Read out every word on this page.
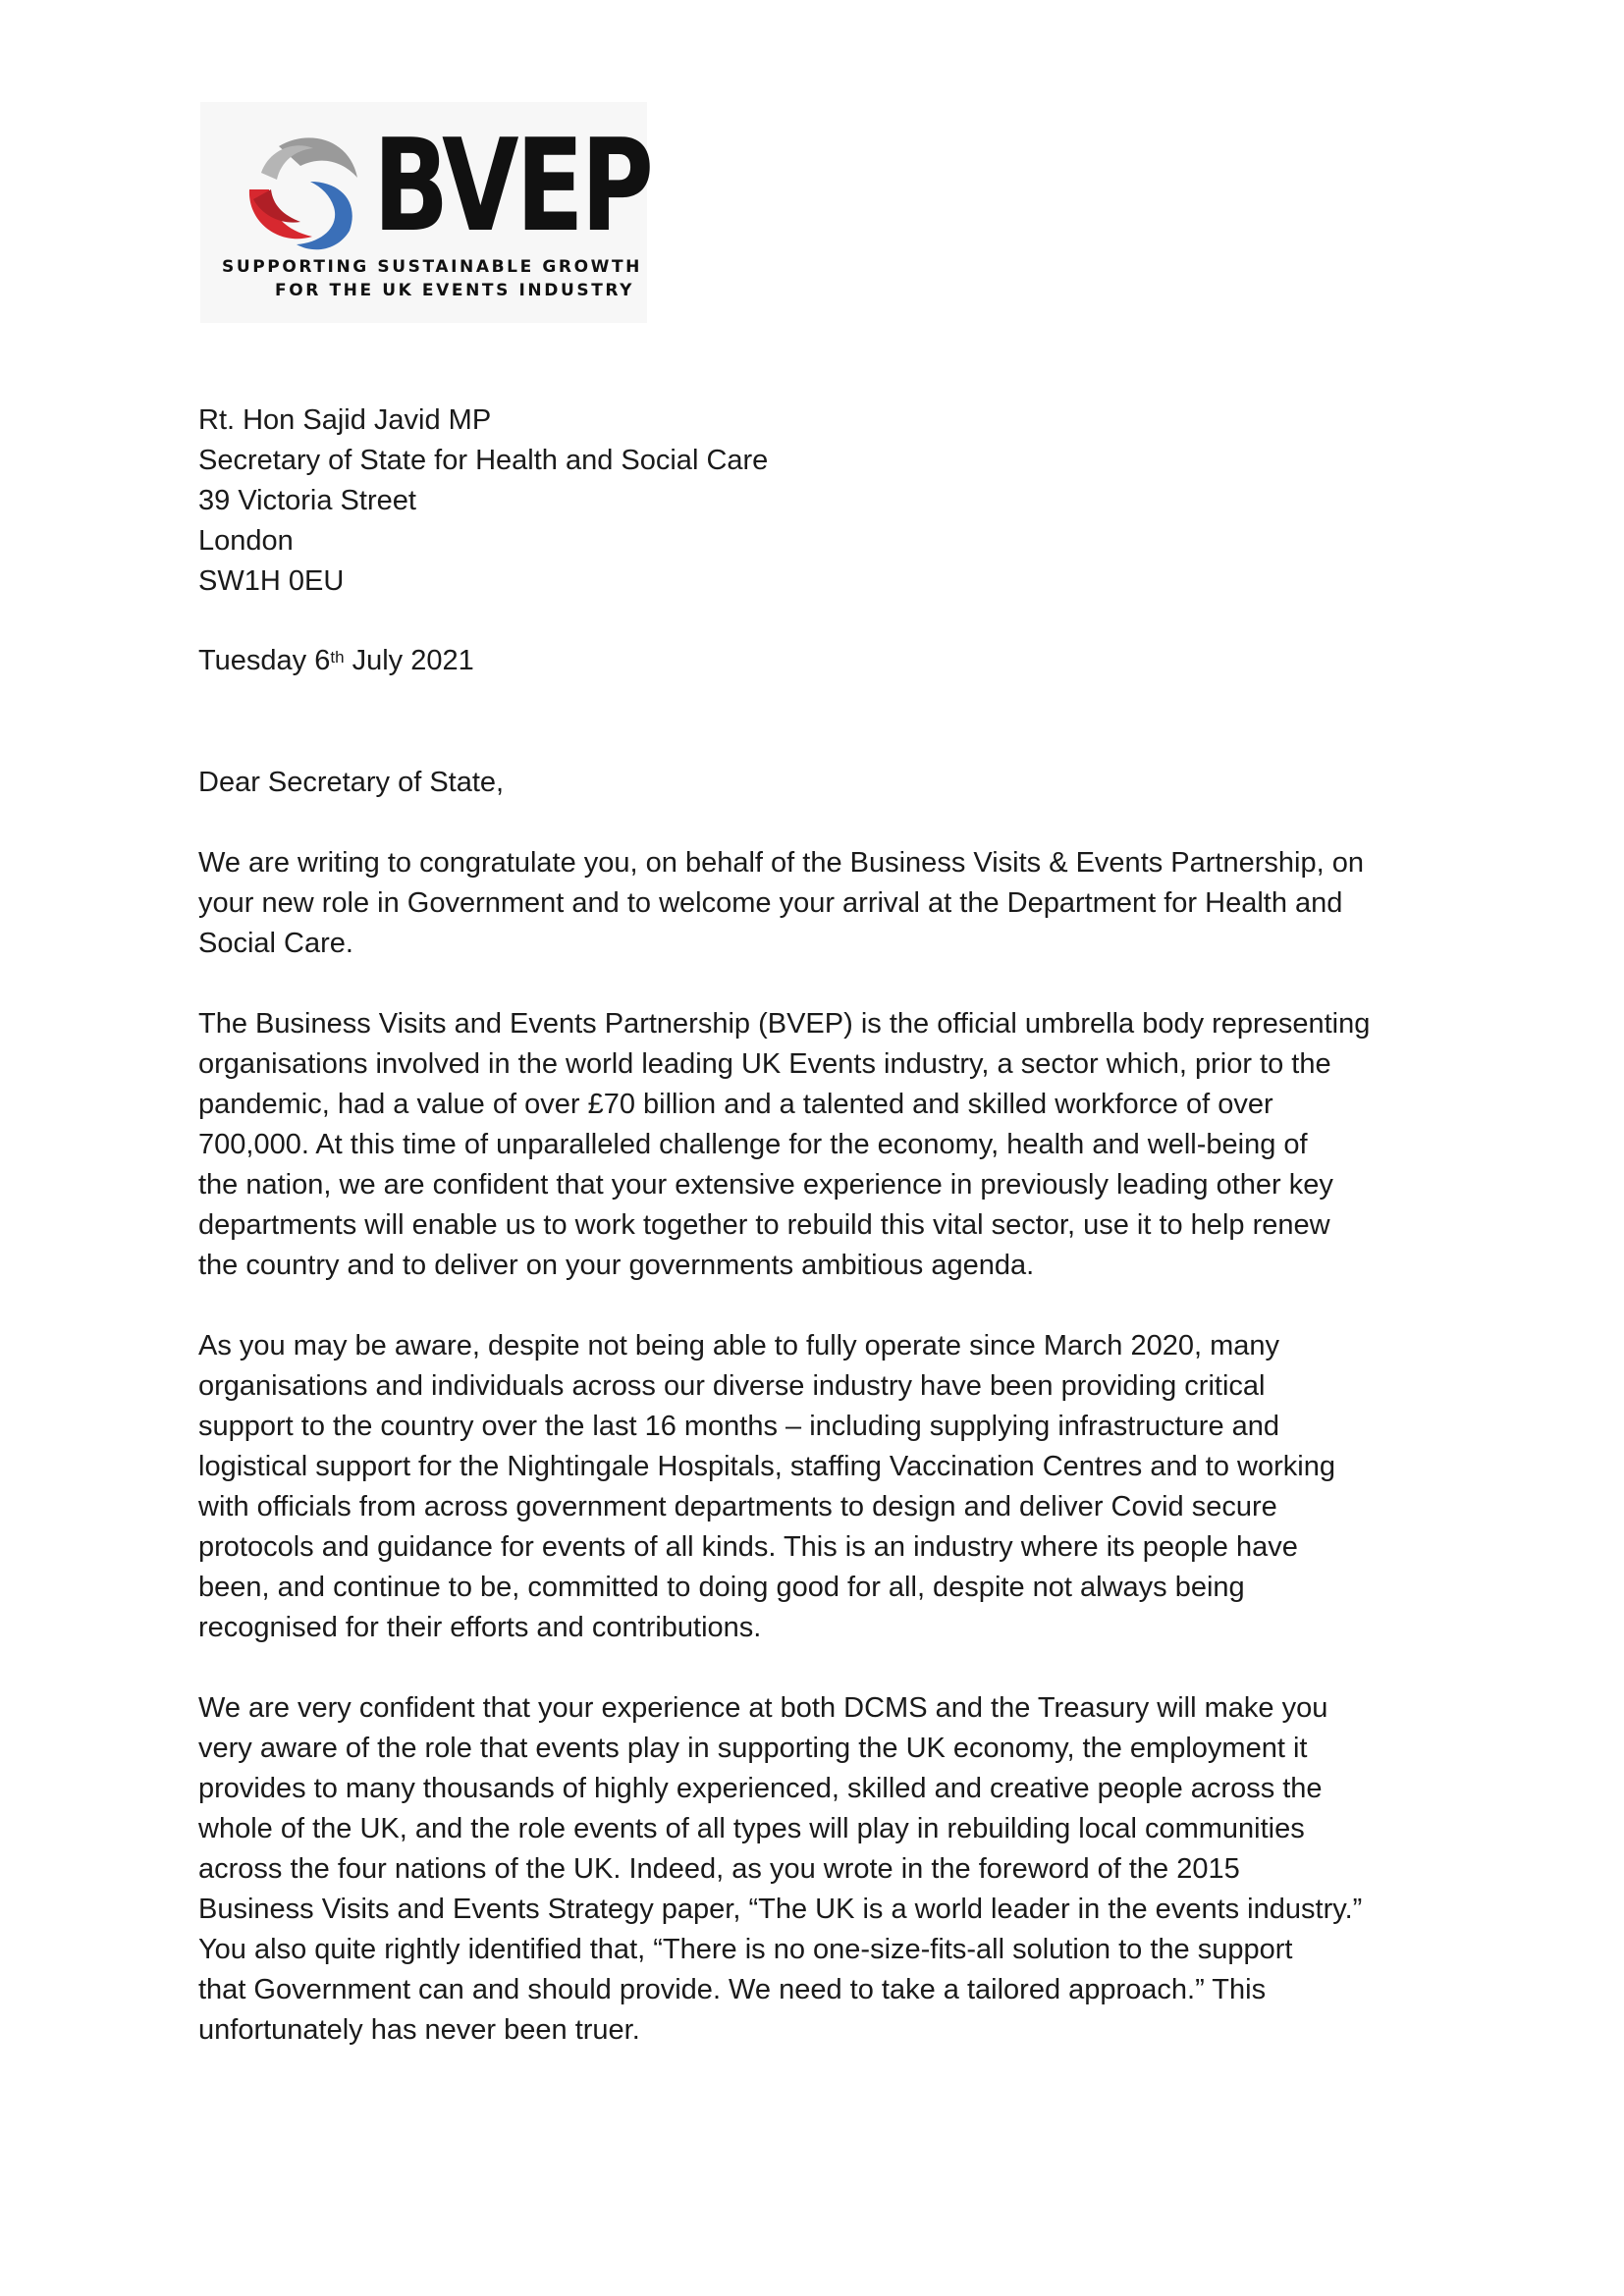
BVEP
SUPPORTING SUSTAINABLE GROWTH
FOR THE UK EVENTS INDUSTRY
Rt. Hon Sajid Javid MP
Secretary of State for Health and Social Care
39 Victoria Street
London
SW1H 0EU
Tuesday 6th July 2021
Dear Secretary of State,
We are writing to congratulate you, on behalf of the Business Visits & Events Partnership, on
your new role in Government and to welcome your arrival at the Department for Health and
Social Care.
The Business Visits and Events Partnership (BVEP) is the official umbrella body representing
organisations involved in the world leading UK Events industry, a sector which, prior to the
pandemic, had a value of over £70 billion and a talented and skilled workforce of over
700,000. At this time of unparalleled challenge for the economy, health and well-being of
the nation, we are confident that your extensive experience in previously leading other key
departments will enable us to work together to rebuild this vital sector, use it to help renew
the country and to deliver on your governments ambitious agenda.
As you may be aware, despite not being able to fully operate since March 2020, many
organisations and individuals across our diverse industry have been providing critical
support to the country over the last 16 months – including supplying infrastructure and
logistical support for the Nightingale Hospitals, staffing Vaccination Centres and to working
with officials from across government departments to design and deliver Covid secure
protocols and guidance for events of all kinds. This is an industry where its people have
been, and continue to be, committed to doing good for all, despite not always being
recognised for their efforts and contributions.
We are very confident that your experience at both DCMS and the Treasury will make you
very aware of the role that events play in supporting the UK economy, the employment it
provides to many thousands of highly experienced, skilled and creative people across the
whole of the UK, and the role events of all types will play in rebuilding local communities
across the four nations of the UK. Indeed, as you wrote in the foreword of the 2015
Business Visits and Events Strategy paper, “The UK is a world leader in the events industry.”
You also quite rightly identified that, “There is no one-size-fits-all solution to the support
that Government can and should provide. We need to take a tailored approach.” This
unfortunately has never been truer.
